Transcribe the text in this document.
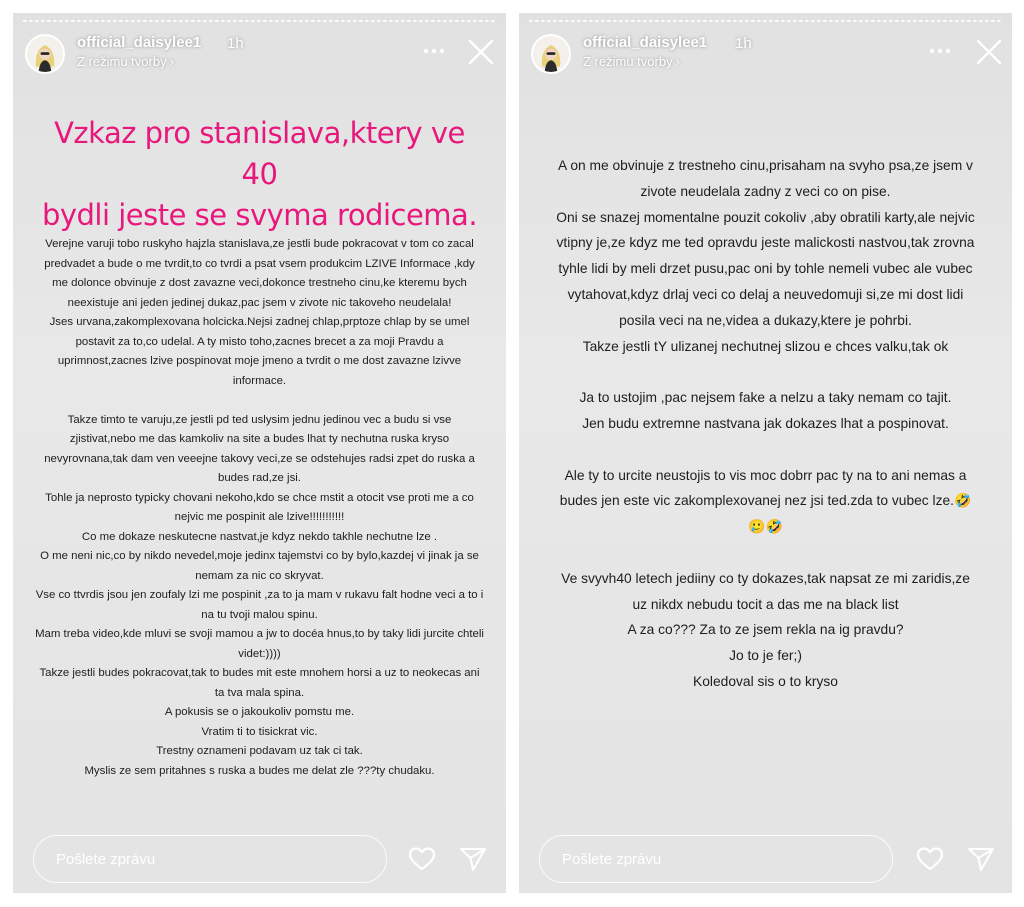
official_daisylee1 1h
Z režimu tvorby ›
Vzkaz pro stanislava,ktery ve 40
bydli jeste se svyma rodicema.
Verejne varuji tobo ruskyho hajzla stanislava,ze jestli bude pokracovat v tom co zacal
predvadet a bude o me tvrdit,to co tvrdi a psat vsem produkcim LZIVE Informace ,kdy
me dolonce obvinuje z dost zavazne veci,dokonce trestneho cinu,ke kteremu bych
neexistuje ani jeden jedinej dukaz,pac jsem v zivote nic takoveho neudelala!
Jses urvana,zakomplexovana holcicka.Nejsi zadnej chlap,prptoze chlap by se umel
postavit za to,co udelal. A ty misto toho,zacnes brecet a za moji Pravdu a
uprimnost,zacnes lzive pospinovat moje jmeno a tvrdit o me dost zavazne lzivve
informace.

Takze timto te varuju,ze jestli pd ted uslysim jednu jedinou vec a budu si vse
zjistivat,nebo me das kamkoliv na site a budes lhat ty nechutna ruska kryso
nevyrovnana,tak dam ven veeejne takovy veci,ze se odstehujes radsi zpet do ruska a
budes rad,ze jsi.
Tohle ja neprosto typicky chovani nekoho,kdo se chce mstit a otocit vse proti me a co
nejvic me pospinit ale lzive!!!!!!!!!!!
Co me dokaze neskutecne nastvat,je kdyz nekdo takhle nechutne lze .
O me neni nic,co by nikdo nevedel,moje jedinx tajemstvi co by bylo,kazdej vi jinak ja se
nemam za nic co skryvat.
Vse co ttvrdis jsou jen zoufaly lzi me pospinit ,za to ja mam v rukavu falt hodne veci a to i
na tu tvoji malou spinu.
Mam treba video,kde mluvi se svoji mamou a jw to docéa hnus,to by taky lidi jurcite chteli
videt:))))
Takze jestli budes pokracovat,tak to budes mit este mnohem horsi a uz to neokecas ani
ta tva mala spina.
A pokusis se o jakoukoliv pomstu me.
Vratim ti to tisickrat vic.
Trestny oznameni podavam uz tak ci tak.
Myslis ze sem pritahnes s ruska a budes me delat zle ???ty chudaku.
Pošlete zprávu
official_daisylee1 1h
Z režimu tvorby ›
A on me obvinuje z trestneho cinu,prisaham na svyho psa,ze jsem v
zivote neudelala zadny z veci co on pise.
Oni se snazej momentalne pouzit cokoliv ,aby obratili karty,ale nejvic
vtipny je,ze kdyz me ted opravdu jeste malickosti nastvou,tak zrovna
tyhle lidi by meli drzet pusu,pac oni by tohle nemeli vubec ale vubec
vytahovat,kdyz drlaj veci co delaj a neuvedomuji si,ze mi dost lidi
posila veci na ne,videa a dukazy,ktere je pohrbi.
Takze jestli tY ulizanej nechutnej slizou e chces valku,tak ok

Ja to ustojim ,pac nejsem fake a nelzu a taky nemam co tajit.
Jen budu extremne nastvana jak dokazes lhat a pospinovat.

Ale ty to urcite neustojis to vis moc dobrr pac ty na to ani nemas a
budes jen este vic zakomplexovanej nez jsi ted.zda to vubec lze.🤣
🥲🤣

Ve svyvh40 letech jediiny co ty dokazes,tak napsat ze mi zaridis,ze
uz nikdx nebudu tocit a das me na black list
A za co??? Za to ze jsem rekla na ig pravdu?
Jo to je fer;)
Koledoval sis o to kryso
Pošlete zprávu
